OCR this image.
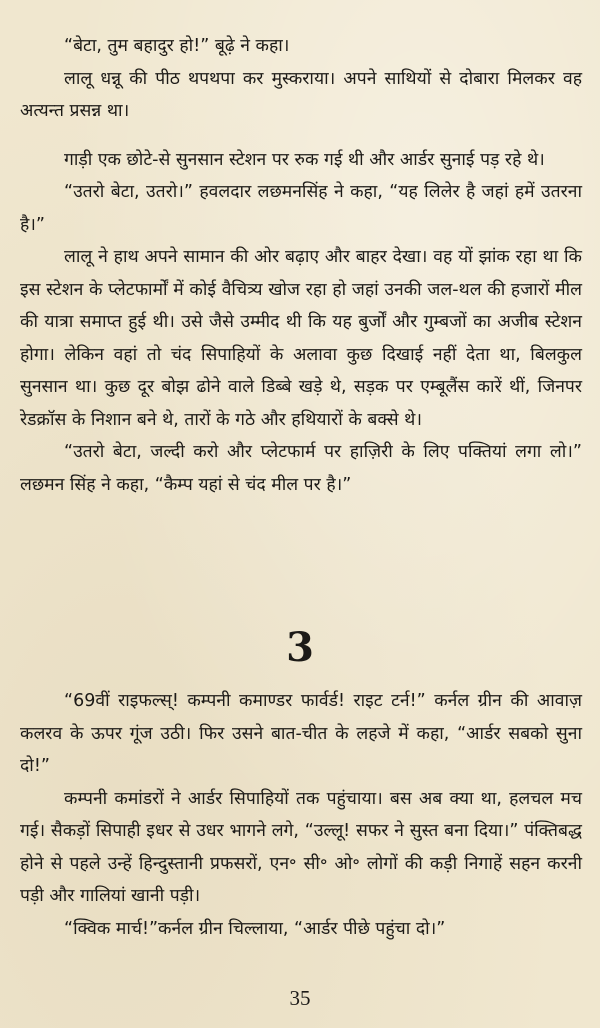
“बेटा, तुम बहादुर हो!” बूढ़े ने कहा।

लालू धन्नू की पीठ थपथपा कर मुस्कराया। अपने साथियों से दोबारा मिलकर वह अत्यन्त प्रसन्न था।

गाड़ी एक छोटे-से सुनसान स्टेशन पर रुक गई थी और आर्डर सुनाई पड़ रहे थे।

“उतरो बेटा, उतरो।” हवलदार लछमनसिंह ने कहा, “यह लिलेर है जहां हमें उतरना है।”

लालू ने हाथ अपने सामान की ओर बढ़ाए और बाहर देखा। वह यों झांक रहा था कि इस स्टेशन के प्लेटफार्मों में कोई वैचित्र्य खोज रहा हो जहां उनकी जल-थल की हजारों मील की यात्रा समाप्त हुई थी। उसे जैसे उम्मीद थी कि यह बुर्जों और गुम्बजों का अजीब स्टेशन होगा। लेकिन वहां तो चंद सिपाहियों के अलावा कुछ दिखाई नहीं देता था, बिलकुल सुनसान था। कुछ दूर बोझ ढोने वाले डिब्बे खड़े थे, सड़क पर एम्बूलैंस कारें थीं, जिनपर रेडक्रॉस के निशान बने थे, तारों के गठे और हथियारों के बक्से थे।

“उतरो बेटा, जल्दी करो और प्लेटफार्म पर हाज़िरी के लिए पक्तियां लगा लो।” लछमन सिंह ने कहा, “कैम्प यहां से चंद मील पर है।”

3

“69वीं राइफल्स्! कम्पनी कमाण्डर फार्वर्ड! राइट टर्न!” कर्नल ग्रीन की आवाज़ कलरव के ऊपर गूंज उठी। फिर उसने बात-चीत के लहजे में कहा, “आर्डर सबको सुना दो!”

कम्पनी कमांडरों ने आर्डर सिपाहियों तक पहुंचाया। बस अब क्या था, हलचल मच गई। सैकड़ों सिपाही इधर से उधर भागने लगे, “उल्लू! सफर ने सुस्त बना दिया।” पंक्तिबद्ध होने से पहले उन्हें हिन्दुस्तानी प्रफसरों, एन॰ सी॰ ओ॰ लोगों की कड़ी निगाहें सहन करनी पड़ी और गालियां खानी पड़ी।

“क्विक मार्च!”कर्नल ग्रीन चिल्लाया, “आर्डर पीछे पहुंचा दो।”

35
